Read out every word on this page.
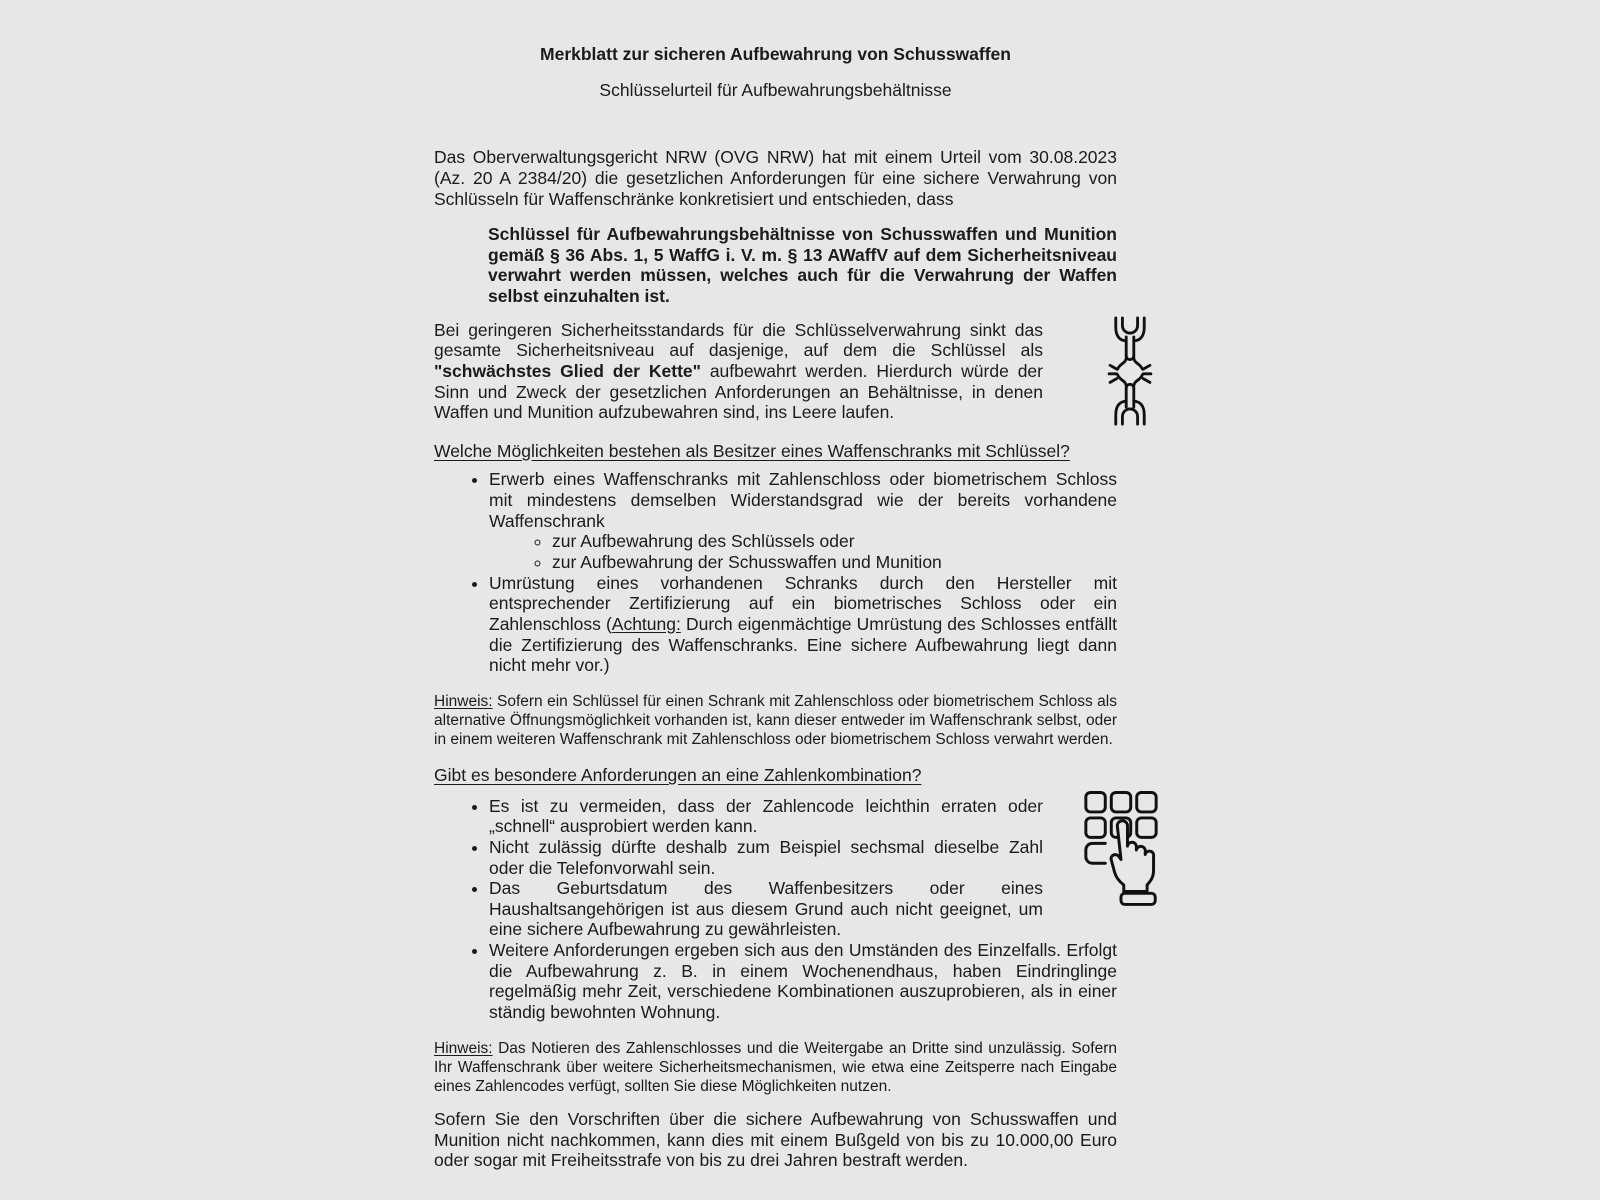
Merkblatt zur sicheren Aufbewahrung von Schusswaffen

Schlüsselurteil für Aufbewahrungsbehältnisse

Das Oberverwaltungsgericht NRW (OVG NRW) hat mit einem Urteil vom 30.08.2023 (Az. 20 A 2384/20) die gesetzlichen Anforderungen für eine sichere Verwahrung von Schlüsseln für Waffenschränke konkretisiert und entschieden, dass

Schlüssel für Aufbewahrungsbehältnisse von Schusswaffen und Munition gemäß § 36 Abs. 1, 5 WaffG i. V. m. § 13 AWaffV auf dem Sicherheitsniveau verwahrt werden müssen, welches auch für die Verwahrung der Waffen selbst einzuhalten ist.

Bei geringeren Sicherheitsstandards für die Schlüsselverwahrung sinkt das gesamte Sicherheitsniveau auf dasjenige, auf dem die Schlüssel als "schwächstes Glied der Kette" aufbewahrt werden. Hierdurch würde der Sinn und Zweck der gesetzlichen Anforderungen an Behältnisse, in denen Waffen und Munition aufzubewahren sind, ins Leere laufen.

Welche Möglichkeiten bestehen als Besitzer eines Waffenschranks mit Schlüssel?

• Erwerb eines Waffenschranks mit Zahlenschloss oder biometrischem Schloss mit mindestens demselben Widerstandsgrad wie der bereits vorhandene Waffenschrank
◦ zur Aufbewahrung des Schlüssels oder
◦ zur Aufbewahrung der Schusswaffen und Munition
• Umrüstung eines vorhandenen Schranks durch den Hersteller mit entsprechender Zertifizierung auf ein biometrisches Schloss oder ein Zahlenschloss (Achtung: Durch eigenmächtige Umrüstung des Schlosses entfällt die Zertifizierung des Waffenschranks. Eine sichere Aufbewahrung liegt dann nicht mehr vor.)

Hinweis: Sofern ein Schlüssel für einen Schrank mit Zahlenschloss oder biometrischem Schloss als alternative Öffnungsmöglichkeit vorhanden ist, kann dieser entweder im Waffenschrank selbst, oder in einem weiteren Waffenschrank mit Zahlenschloss oder biometrischem Schloss verwahrt werden.

Gibt es besondere Anforderungen an eine Zahlenkombination?

• Es ist zu vermeiden, dass der Zahlencode leichthin erraten oder „schnell“ ausprobiert werden kann.
• Nicht zulässig dürfte deshalb zum Beispiel sechsmal dieselbe Zahl oder die Telefonvorwahl sein.
• Das Geburtsdatum des Waffenbesitzers oder eines Haushaltsangehörigen ist aus diesem Grund auch nicht geeignet, um eine sichere Aufbewahrung zu gewährleisten.
• Weitere Anforderungen ergeben sich aus den Umständen des Einzelfalls. Erfolgt die Aufbewahrung z. B. in einem Wochenendhaus, haben Eindringlinge regelmäßig mehr Zeit, verschiedene Kombinationen auszuprobieren, als in einer ständig bewohnten Wohnung.

Hinweis: Das Notieren des Zahlenschlosses und die Weitergabe an Dritte sind unzulässig. Sofern Ihr Waffenschrank über weitere Sicherheitsmechanismen, wie etwa eine Zeitsperre nach Eingabe eines Zahlencodes verfügt, sollten Sie diese Möglichkeiten nutzen.

Sofern Sie den Vorschriften über die sichere Aufbewahrung von Schusswaffen und Munition nicht nachkommen, kann dies mit einem Bußgeld von bis zu 10.000,00 Euro oder sogar mit Freiheitsstrafe von bis zu drei Jahren bestraft werden.
